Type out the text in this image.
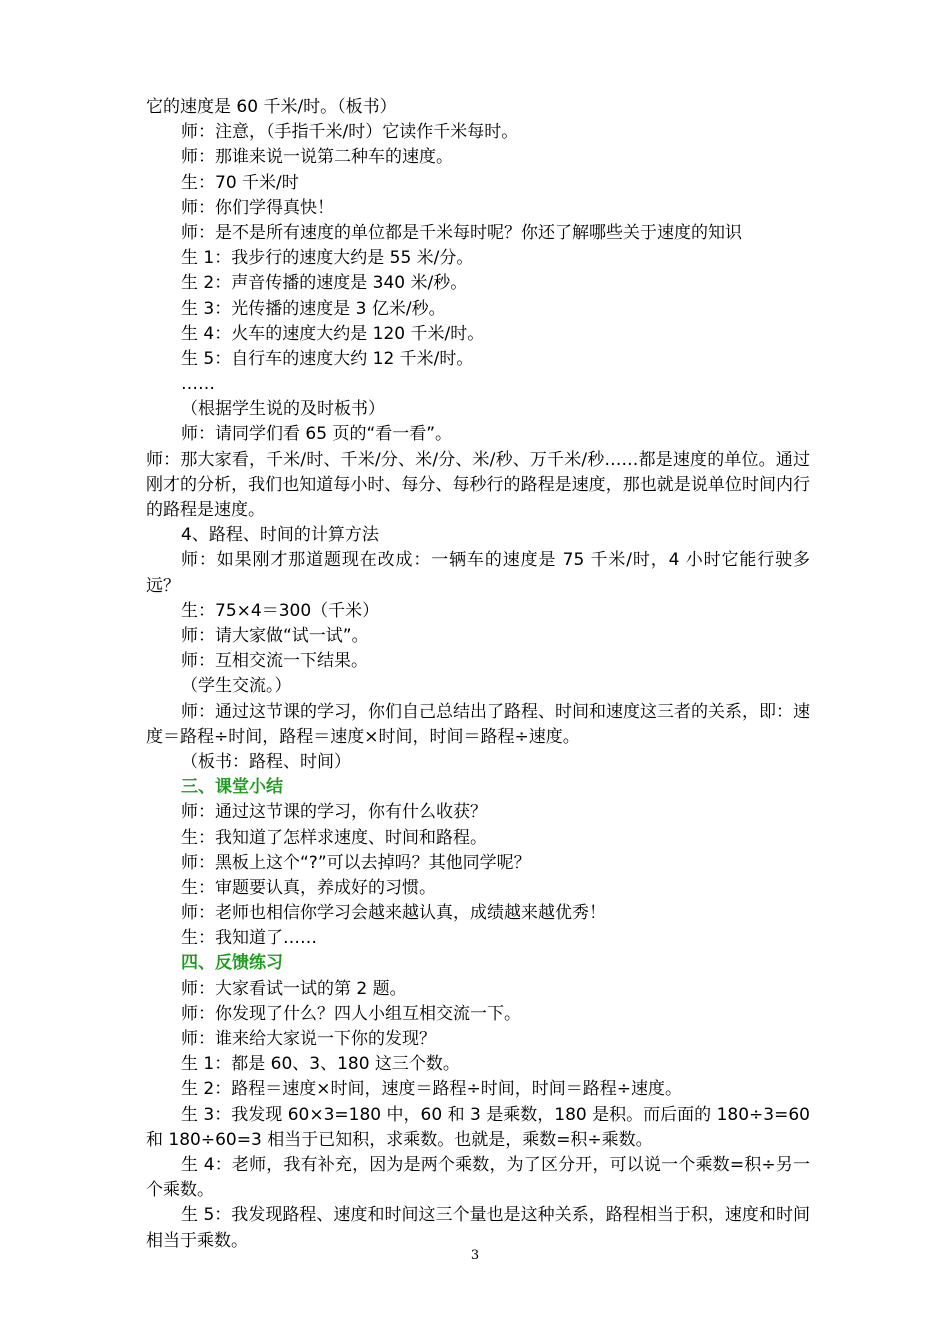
它的速度是 60 千米/时。（板书）
师：注意，（手指千米/时）它读作千米每时。
师：那谁来说一说第二种车的速度。
生：70 千米/时
师：你们学得真快！
师：是不是所有速度的单位都是千米每时呢？你还了解哪些关于速度的知识
生 1：我步行的速度大约是 55 米/分。
生 2：声音传播的速度是 340 米/秒。
生 3：光传播的速度是 3 亿米/秒。
生 4：火车的速度大约是 120 千米/时。
生 5：自行车的速度大约 12 千米/时。
……
（根据学生说的及时板书）
师：请同学们看 65 页的“看一看”。
师：那大家看，千米/时、千米/分、米/分、米/秒、万千米/秒……都是速度的单位。通过刚才的分析，我们也知道每小时、每分、每秒行的路程是速度，那也就是说单位时间内行的路程是速度。
4、路程、时间的计算方法
师：如果刚才那道题现在改成：一辆车的速度是 75 千米/时，4 小时它能行驶多远？
生：75×4＝300（千米）
师：请大家做“试一试”。
师：互相交流一下结果。
（学生交流。）
师：通过这节课的学习，你们自己总结出了路程、时间和速度这三者的关系，即：速度＝路程÷时间，路程＝速度×时间，时间＝路程÷速度。
（板书：路程、时间）
三、课堂小结
师：通过这节课的学习，你有什么收获？
生：我知道了怎样求速度、时间和路程。
师：黑板上这个“?”可以去掉吗？其他同学呢？
生：审题要认真，养成好的习惯。
师：老师也相信你学习会越来越认真，成绩越来越优秀！
生：我知道了……
四、反馈练习
师：大家看试一试的第 2 题。
师：你发现了什么？四人小组互相交流一下。
师：谁来给大家说一下你的发现？
生 1：都是 60、3、180 这三个数。
生 2：路程＝速度×时间，速度＝路程÷时间，时间＝路程÷速度。
生 3：我发现 60×3=180 中，60 和 3 是乘数，180 是积。而后面的 180÷3=60 和 180÷60=3 相当于已知积，求乘数。也就是，乘数=积÷乘数。
生 4：老师，我有补充，因为是两个乘数，为了区分开，可以说一个乘数=积÷另一个乘数。
生 5：我发现路程、速度和时间这三个量也是这种关系，路程相当于积，速度和时间相当于乘数。
3
